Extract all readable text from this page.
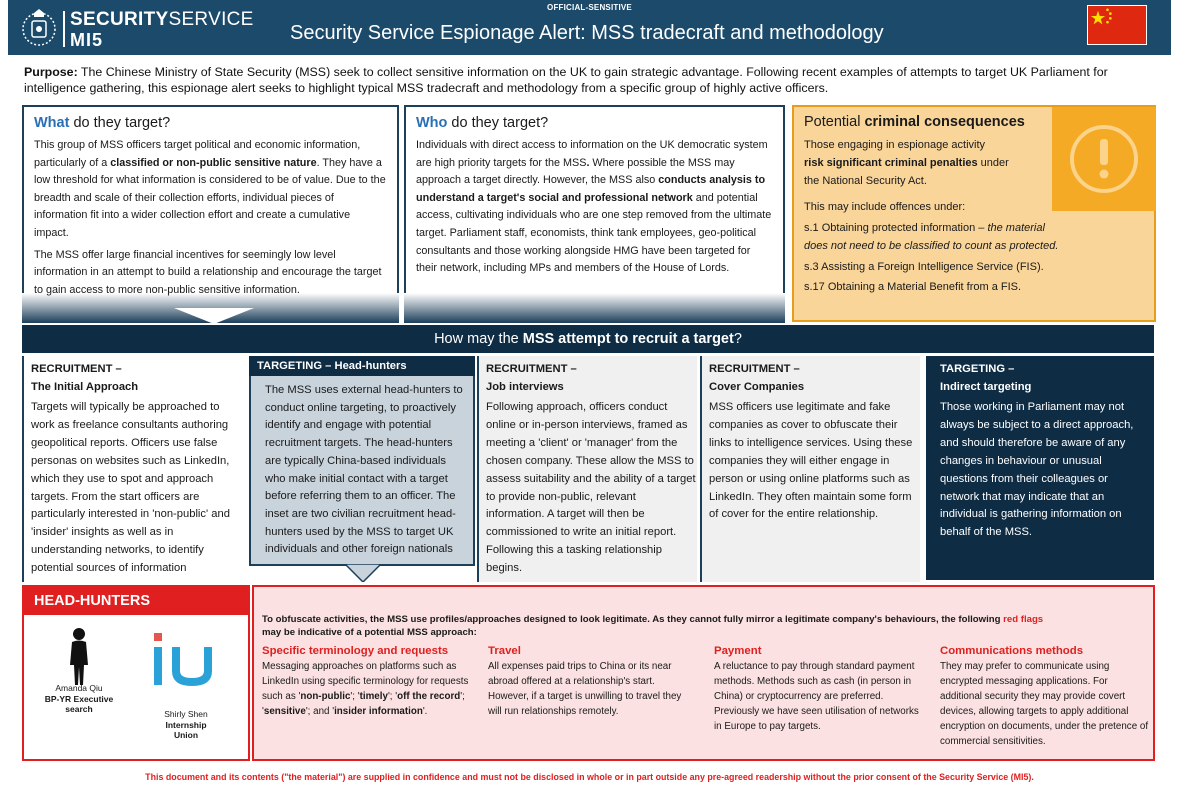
OFFICIAL-SENSITIVE
SECURITYSERVICE
MI5	Security Service Espionage Alert: MSS tradecraft and methodology
Purpose: The Chinese Ministry of State Security (MSS) seek to collect sensitive information on the UK to gain strategic advantage. Following recent examples of attempts to target UK Parliament for intelligence gathering, this espionage alert seeks to highlight typical MSS tradecraft and methodology from a specific group of highly active officers.
What do they target?

This group of MSS officers target political and economic information, particularly of a classified or non-public sensitive nature. They have a low threshold for what information is considered to be of value. Due to the breadth and scale of their collection efforts, individual pieces of information fit into a wider collection effort and create a cumulative impact.

The MSS offer large financial incentives for seemingly low level information in an attempt to build a relationship and encourage the target to gain access to more non-public sensitive information.

Who do they target?

Individuals with direct access to information on the UK democratic system are high priority targets for the MSS. Where possible the MSS may approach a target directly. However, the MSS also conducts analysis to understand a target's social and professional network and potential access, cultivating individuals who are one step removed from the ultimate target. Parliament staff, economists, think tank employees, geo-political consultants and those working alongside HMG have been targeted for their network, including MPs and members of the House of Lords.

Potential criminal consequences
Those engaging in espionage activity
risk significant criminal penalties under
the National Security Act.
This may include offences under:
s.1 Obtaining protected information – the material
does not need to be classified to count as protected.
s.3 Assisting a Foreign Intelligence Service (FIS).
s.17 Obtaining a Material Benefit from a FIS.
How may the MSS attempt to recruit a target?
RECRUITMENT –
The Initial Approach

Targets will typically be approached to work as freelance consultants authoring geopolitical reports. Officers use false personas on websites such as LinkedIn, which they use to spot and approach targets. From the start officers are particularly interested in 'non-public' and 'insider' insights as well as in understanding networks, to identify potential sources of information

TARGETING – Head-hunters

The MSS uses external head-hunters to conduct online targeting, to proactively identify and engage with potential recruitment targets. The head-hunters are typically China-based individuals who make initial contact with a target before referring them to an officer. The inset are two civilian recruitment head-hunters used by the MSS to target UK individuals and other foreign nationals

RECRUITMENT –
Job interviews

Following approach, officers conduct online or in-person interviews, framed as meeting a 'client' or 'manager' from the chosen company. These allow the MSS to assess suitability and the ability of a target to provide non-public, relevant information. A target will then be commissioned to write an initial report. Following this a tasking relationship begins.

RECRUITMENT –
Cover Companies

MSS officers use legitimate and fake companies as cover to obfuscate their links to intelligence services. Using these companies they will either engage in person or using online platforms such as LinkedIn. They often maintain some form of cover for the entire relationship.

TARGETING –
Indirect targeting

Those working in Parliament may not always be subject to a direct approach, and should therefore be aware of any changes in behaviour or unusual questions from their colleagues or network that may indicate that an individual is gathering information on behalf of the MSS.

HEAD-HUNTERS
Amanda Qiu
BP-YR Executive
search	Shirly Shen
Internship
Union
To obfuscate activities, the MSS use profiles/approaches designed to look legitimate. As they cannot fully mirror a legitimate company's behaviours, the following red flags
may be indicative of a potential MSS approach:
Specific terminology and requests

Messaging approaches on platforms such as LinkedIn using specific terminology for requests such as 'non-public'; 'timely'; 'off the record'; 'sensitive'; and 'insider information'.

Travel

All expenses paid trips to China or its near abroad offered at a relationship's start. However, if a target is unwilling to travel they will run relationships remotely.

Payment

A reluctance to pay through standard payment methods. Methods such as cash (in person in China) or cryptocurrency are preferred. Previously we have seen utilisation of networks in Europe to pay targets.

Communications methods

They may prefer to communicate using encrypted messaging applications. For additional security they may provide covert devices, allowing targets to apply additional encryption on documents, under the pretence of commercial sensitivities.

This document and its contents ("the material") are supplied in confidence and must not be disclosed in whole or in part outside any pre-agreed readership without the prior consent of the Security Service (MI5).
